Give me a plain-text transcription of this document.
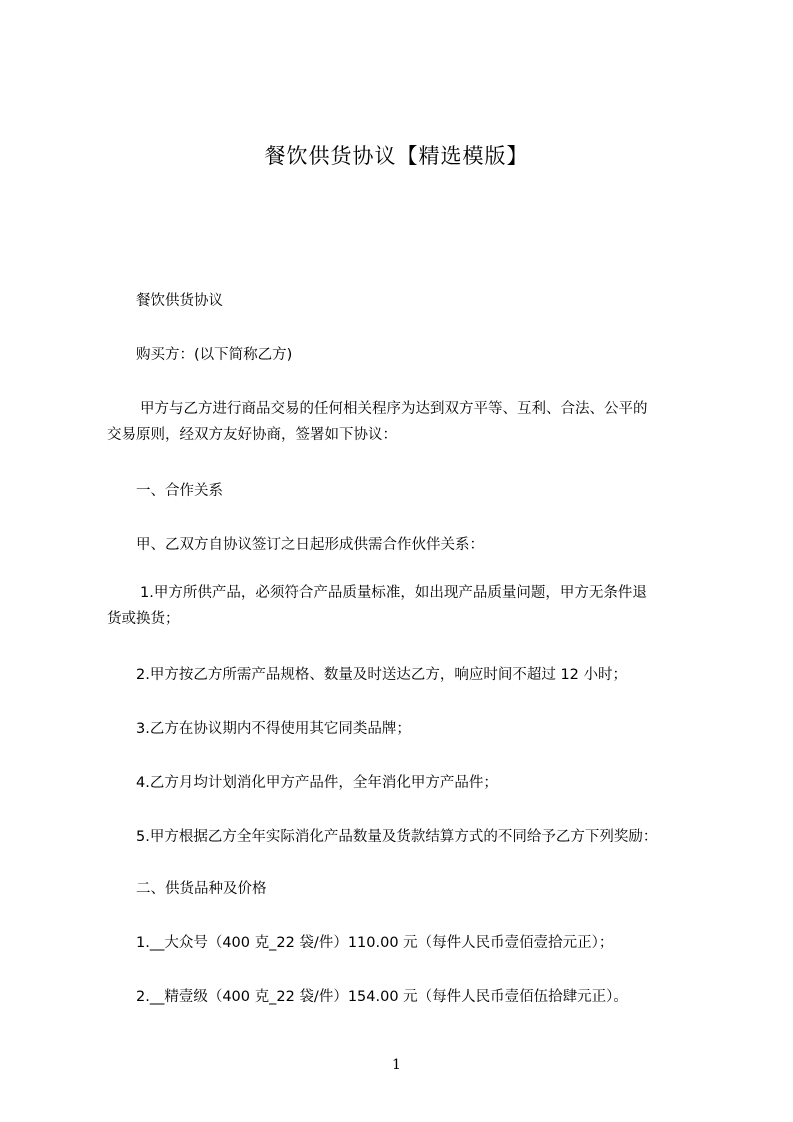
餐饮供货协议【精选模版】
餐饮供货协议
购买方：(以下简称乙方)
甲方与乙方进行商品交易的任何相关程序为达到双方平等、互利、合法、公平的
交易原则，经双方友好协商，签署如下协议：
一、合作关系
甲、乙双方自协议签订之日起形成供需合作伙伴关系：
1.甲方所供产品，必须符合产品质量标准，如出现产品质量问题，甲方无条件退
货或换货；
2.甲方按乙方所需产品规格、数量及时送达乙方，响应时间不超过 12 小时；
3.乙方在协议期内不得使用其它同类品牌；
4.乙方月均计划消化甲方产品件，全年消化甲方产品件；
5.甲方根据乙方全年实际消化产品数量及货款结算方式的不同给予乙方下列奖励：
二、供货品种及价格
1.__大众号（400 克_22 袋/件）110.00 元（每件人民币壹佰壹拾元正）；
2.__精壹级（400 克_22 袋/件）154.00 元（每件人民币壹佰伍拾肆元正）。
1
